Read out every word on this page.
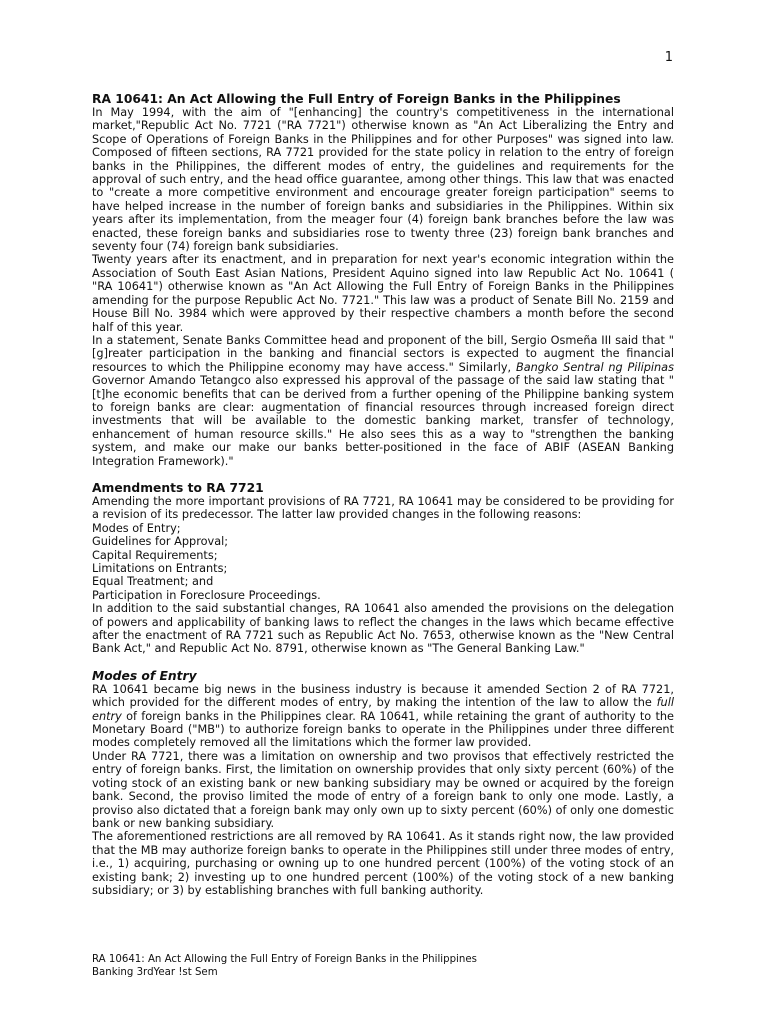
1

RA 10641: An Act Allowing the Full Entry of Foreign Banks in the Philippines

In May 1994, with the aim of "[enhancing] the country's competitiveness in the international market,"Republic Act No. 7721 ("RA 7721") otherwise known as "An Act Liberalizing the Entry and Scope of Operations of Foreign Banks in the Philippines and for other Purposes" was signed into law. Composed of fifteen sections, RA 7721 provided for the state policy in relation to the entry of foreign banks in the Philippines, the different modes of entry, the guidelines and requirements for the approval of such entry, and the head office guarantee, among other things. This law that was enacted to "create a more competitive environment and encourage greater foreign participation" seems to have helped increase in the number of foreign banks and subsidiaries in the Philippines. Within six years after its implementation, from the meager four (4) foreign bank branches before the law was enacted, these foreign banks and subsidiaries rose to twenty three (23) foreign bank branches and seventy four (74) foreign bank subsidiaries.

Twenty years after its enactment, and in preparation for next year's economic integration within the Association of South East Asian Nations, President Aquino signed into law Republic Act No. 10641 ( "RA 10641") otherwise known as "An Act Allowing the Full Entry of Foreign Banks in the Philippines amending for the purpose Republic Act No. 7721." This law was a product of Senate Bill No. 2159 and House Bill No. 3984 which were approved by their respective chambers a month before the second half of this year.

In a statement, Senate Banks Committee head and proponent of the bill, Sergio Osmeña III said that "[g]reater participation in the banking and financial sectors is expected to augment the financial resources to which the Philippine economy may have access." Similarly, Bangko Sentral ng Pilipinas Governor Amando Tetangco also expressed his approval of the passage of the said law stating that "[t]he economic benefits that can be derived from a further opening of the Philippine banking system to foreign banks are clear: augmentation of financial resources through increased foreign direct investments that will be available to the domestic banking market, transfer of technology, enhancement of human resource skills." He also sees this as a way to "strengthen the banking system, and make our make our banks better-positioned in the face of ABIF (ASEAN Banking Integration Framework)."

Amendments to RA 7721

Amending the more important provisions of RA 7721, RA 10641 may be considered to be providing for a revision of its predecessor. The latter law provided changes in the following reasons:

Modes of Entry;

Guidelines for Approval;

Capital Requirements;

Limitations on Entrants;

Equal Treatment; and

Participation in Foreclosure Proceedings.

In addition to the said substantial changes, RA 10641 also amended the provisions on the delegation of powers and applicability of banking laws to reflect the changes in the laws which became effective after the enactment of RA 7721 such as Republic Act No. 7653, otherwise known as the "New Central Bank Act," and Republic Act No. 8791, otherwise known as "The General Banking Law."

Modes of Entry

RA 10641 became big news in the business industry is because it amended Section 2 of RA 7721, which provided for the different modes of entry, by making the intention of the law to allow the full entry of foreign banks in the Philippines clear. RA 10641, while retaining the grant of authority to the Monetary Board ("MB") to authorize foreign banks to operate in the Philippines under three different modes completely removed all the limitations which the former law provided.

Under RA 7721, there was a limitation on ownership and two provisos that effectively restricted the entry of foreign banks. First, the limitation on ownership provides that only sixty percent (60%) of the voting stock of an existing bank or new banking subsidiary may be owned or acquired by the foreign bank. Second, the proviso limited the mode of entry of a foreign bank to only one mode. Lastly, a proviso also dictated that a foreign bank may only own up to sixty percent (60%) of only one domestic bank or new banking subsidiary.

The aforementioned restrictions are all removed by RA 10641. As it stands right now, the law provided that the MB may authorize foreign banks to operate in the Philippines still under three modes of entry, i.e., 1) acquiring, purchasing or owning up to one hundred percent (100%) of the voting stock of an existing bank; 2) investing up to one hundred percent (100%) of the voting stock of a new banking subsidiary; or 3) by establishing branches with full banking authority.

RA 10641: An Act Allowing the Full Entry of Foreign Banks in the Philippines
Banking 3rdYear !st Sem
